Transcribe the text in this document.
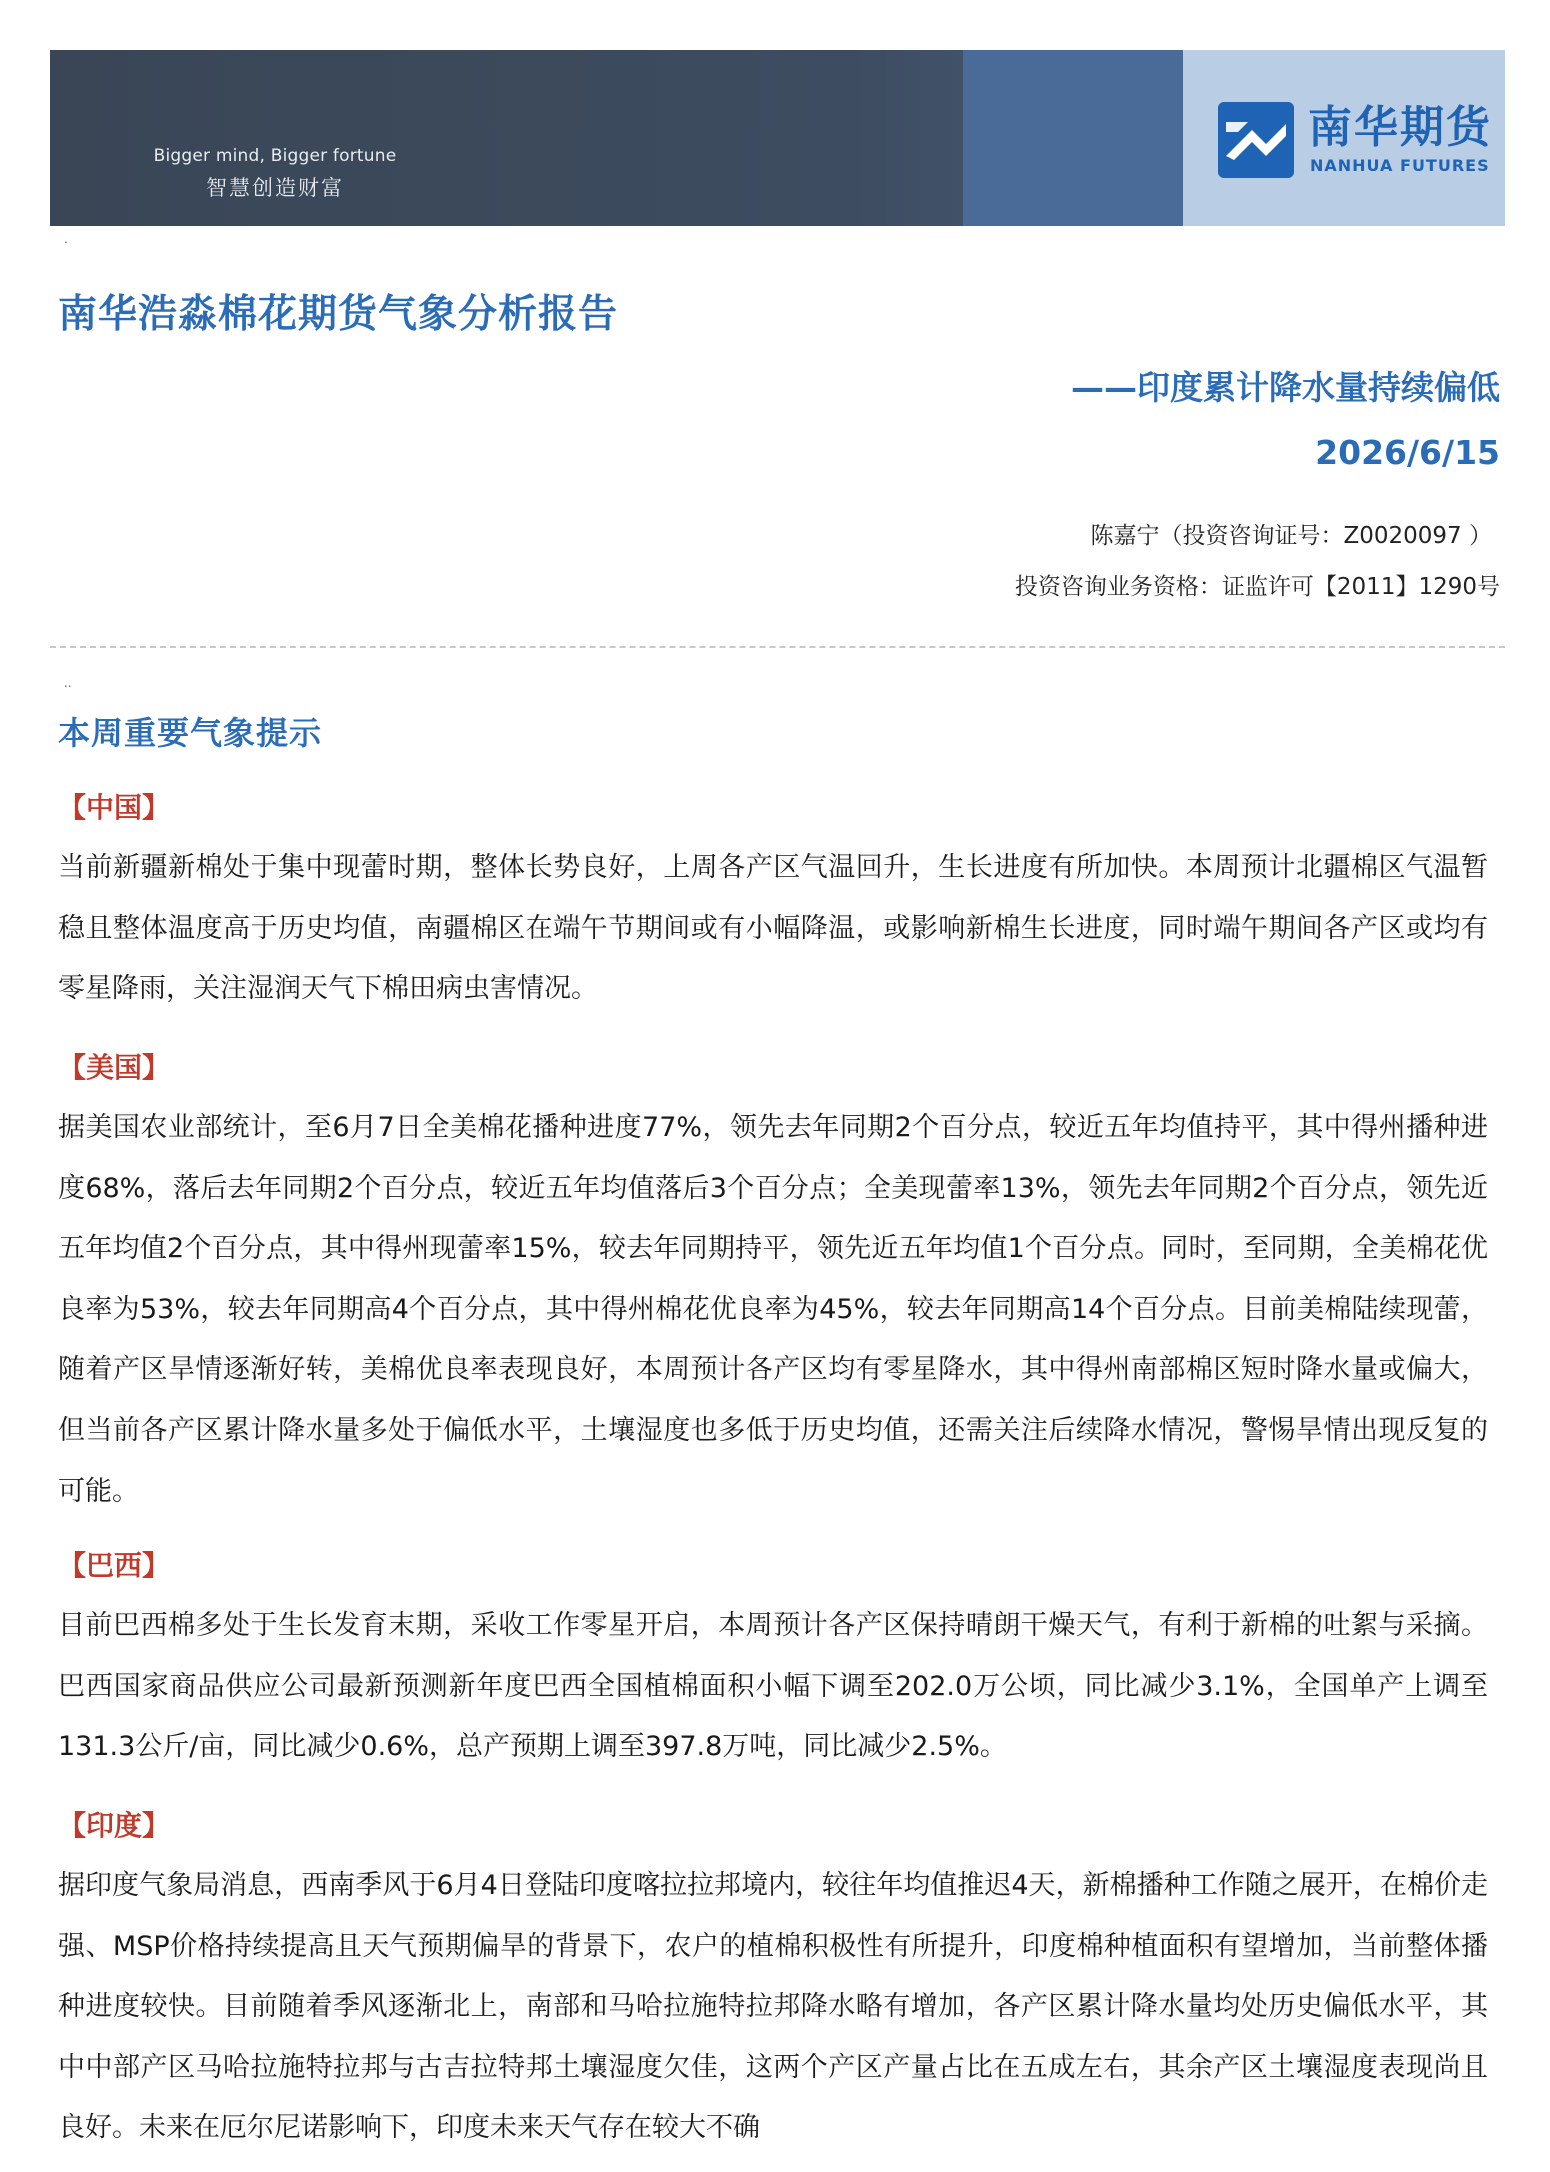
Bigger mind, Bigger fortune
智慧创造财富
南华期货
NANHUA FUTURES
.
南华浩淼棉花期货气象分析报告
——印度累计降水量持续偏低
2026/6/15
陈嘉宁（投资咨询证号：Z0020097 ）
投资咨询业务资格：证监许可【2011】1290号
..
本周重要气象提示
【中国】
当前新疆新棉处于集中现蕾时期，整体长势良好，上周各产区气温回升，生长进度有所加快。本周预计北疆棉区气温暂稳且整体温度高于历史均值，南疆棉区在端午节期间或有小幅降温，或影响新棉生长进度，同时端午期间各产区或均有零星降雨，关注湿润天气下棉田病虫害情况。
【美国】
据美国农业部统计，至6月7日全美棉花播种进度77%，领先去年同期2个百分点，较近五年均值持平，其中得州播种进度68%，落后去年同期2个百分点，较近五年均值落后3个百分点；全美现蕾率13%，领先去年同期2个百分点，领先近五年均值2个百分点，其中得州现蕾率15%，较去年同期持平，领先近五年均值1个百分点。同时，至同期，全美棉花优良率为53%，较去年同期高4个百分点，其中得州棉花优良率为45%，较去年同期高14个百分点。目前美棉陆续现蕾，随着产区旱情逐渐好转，美棉优良率表现良好，本周预计各产区均有零星降水，其中得州南部棉区短时降水量或偏大，但当前各产区累计降水量多处于偏低水平，土壤湿度也多低于历史均值，还需关注后续降水情况，警惕旱情出现反复的可能。
【巴西】
目前巴西棉多处于生长发育末期，采收工作零星开启，本周预计各产区保持晴朗干燥天气，有利于新棉的吐絮与采摘。巴西国家商品供应公司最新预测新年度巴西全国植棉面积小幅下调至202.0万公顷，同比减少3.1%，全国单产上调至131.3公斤/亩，同比减少0.6%，总产预期上调至397.8万吨，同比减少2.5%。
【印度】
据印度气象局消息，西南季风于6月4日登陆印度喀拉拉邦境内，较往年均值推迟4天，新棉播种工作随之展开，在棉价走强、MSP价格持续提高且天气预期偏旱的背景下，农户的植棉积极性有所提升，印度棉种植面积有望增加，当前整体播种进度较快。目前随着季风逐渐北上，南部和马哈拉施特拉邦降水略有增加，各产区累计降水量均处历史偏低水平，其中中部产区马哈拉施特拉邦与古吉拉特邦土壤湿度欠佳，这两个产区产量占比在五成左右，其余产区土壤湿度表现尚且良好。未来在厄尔尼诺影响下，印度未来天气存在较大不确
